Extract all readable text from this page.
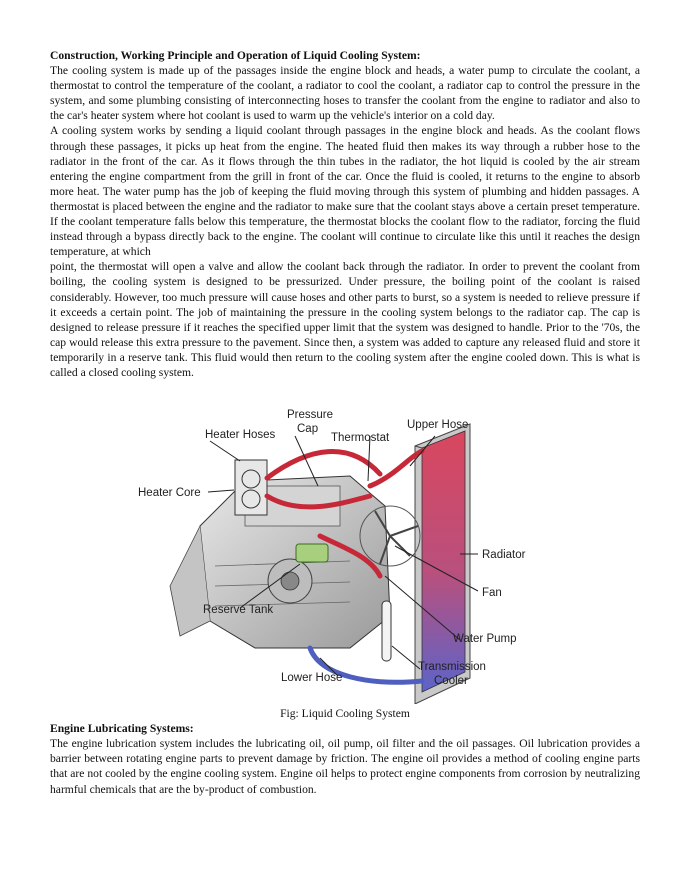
Construction, Working Principle and Operation of Liquid Cooling System:

The cooling system is made up of the passages inside the engine block and heads, a water pump to circulate the coolant, a thermostat to control the temperature of the coolant, a radiator to cool the coolant, a radiator cap to control the pressure in the system, and some plumbing consisting of interconnecting hoses to transfer the coolant from the engine to radiator and also to the car's heater system where hot coolant is used to warm up the vehicle's interior on a cold day.

A cooling system works by sending a liquid coolant through passages in the engine block and heads. As the coolant flows through these passages, it picks up heat from the engine. The heated fluid then makes its way through a rubber hose to the radiator in the front of the car. As it flows through the thin tubes in the radiator, the hot liquid is cooled by the air stream entering the engine compartment from the grill in front of the car. Once the fluid is cooled, it returns to the engine to absorb more heat. The water pump has the job of keeping the fluid moving through this system of plumbing and hidden passages. A thermostat is placed between the engine and the radiator to make sure that the coolant stays above a certain preset temperature. If the coolant temperature falls below this temperature, the thermostat blocks the coolant flow to the radiator, forcing the fluid instead through a bypass directly back to the engine. The coolant will continue to circulate like this until it reaches the design temperature, at which

point, the thermostat will open a valve and allow the coolant back through the radiator. In order to prevent the coolant from boiling, the cooling system is designed to be pressurized. Under pressure, the boiling point of the coolant is raised considerably. However, too much pressure will cause hoses and other parts to burst, so a system is needed to relieve pressure if it exceeds a certain point. The job of maintaining the pressure in the cooling system belongs to the radiator cap. The cap is designed to release pressure if it reaches the specified upper limit that the system was designed to handle. Prior to the '70s, the cap would release this extra pressure to the pavement. Since then, a system was added to capture any released fluid and store it temporarily in a reserve tank. This fluid would then return to the cooling system after the engine cooled down. This is what is called a closed cooling system.

Pressure
Cap
Heater Hoses	Thermostat
Upper Hose
Heater Core
Radiator
Fan
Reserve Tank
Water Pump
Transmission
Cooler
Lower Hose

Fig: Liquid Cooling System

Engine Lubricating Systems:

The engine lubrication system includes the lubricating oil, oil pump, oil filter and the oil passages. Oil lubrication provides a barrier between rotating engine parts to prevent damage by friction. The engine oil provides a method of cooling engine parts that are not cooled by the engine cooling system. Engine oil helps to protect engine components from corrosion by neutralizing harmful chemicals that are the by-product of combustion.
